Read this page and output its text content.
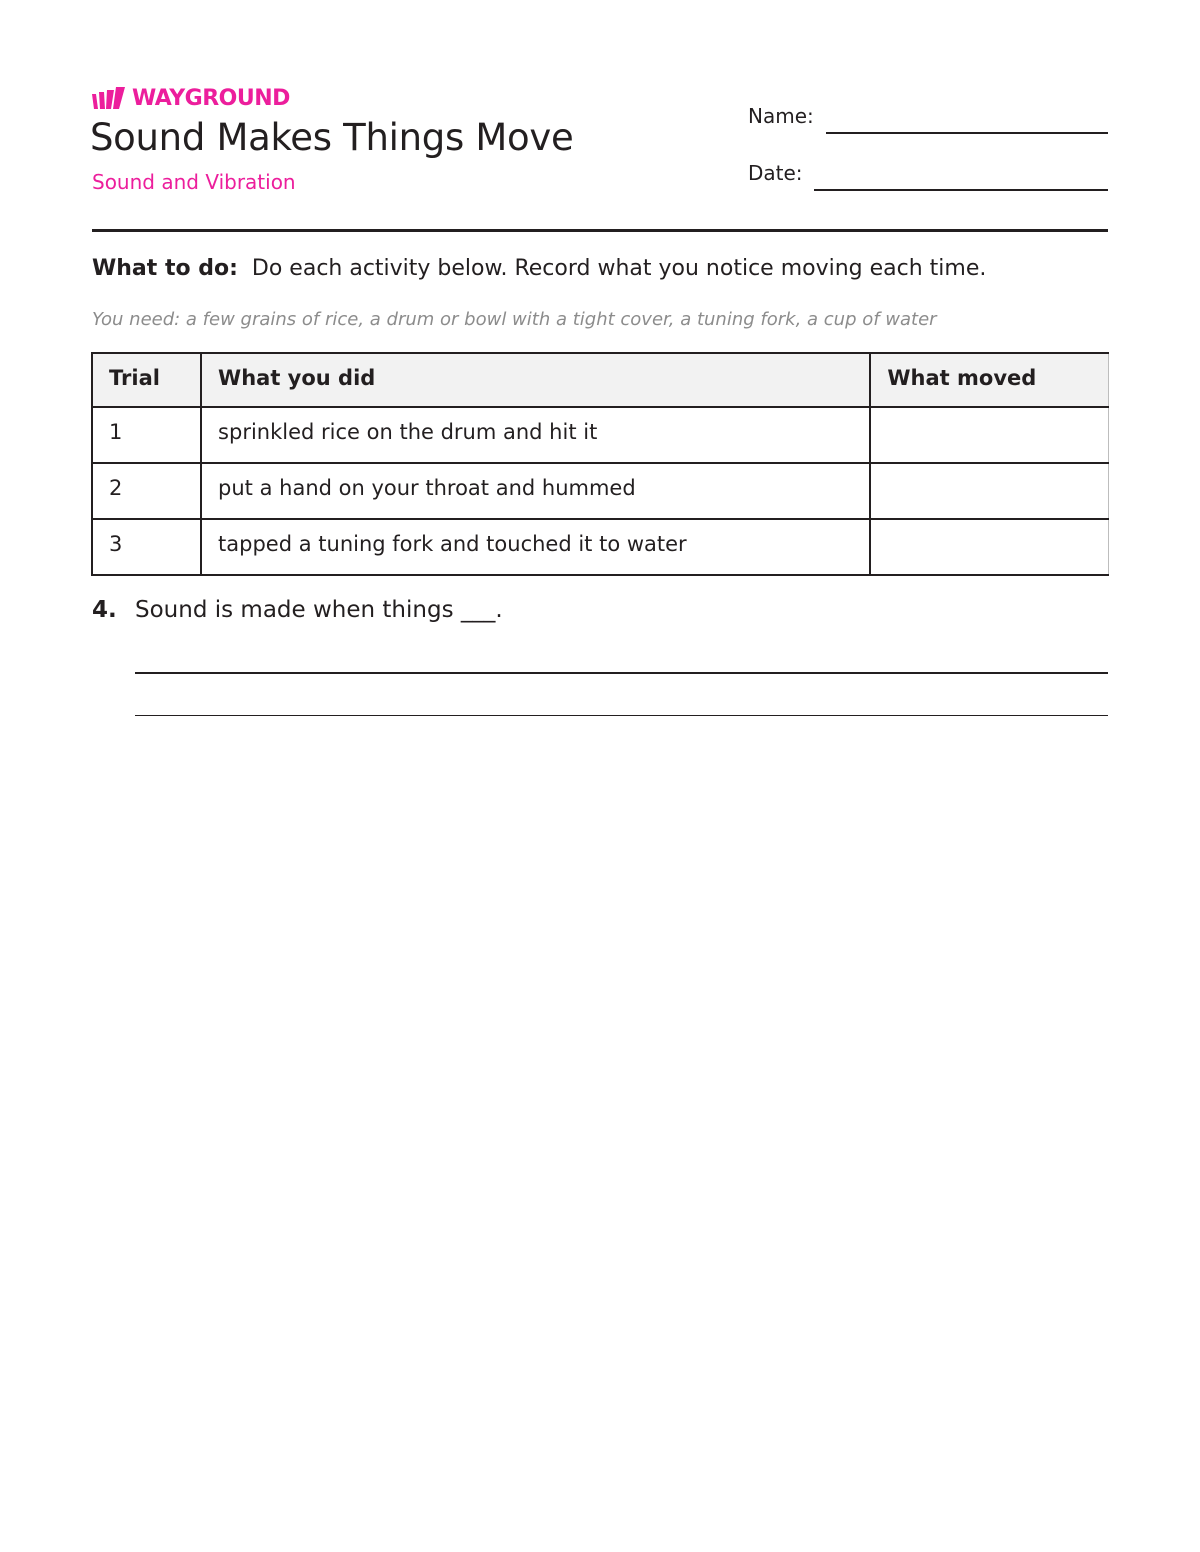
WAYGROUND
Sound Makes Things Move
Sound and Vibration
Name:
Date:
What to do: Do each activity below. Record what you notice moving each time.
You need: a few grains of rice, a drum or bowl with a tight cover, a tuning fork, a cup of water
Trial	What you did	What moved
1	sprinkled rice on the drum and hit it	
2	put a hand on your throat and hummed	
3	tapped a tuning fork and touched it to water	
4. Sound is made when things ___.
